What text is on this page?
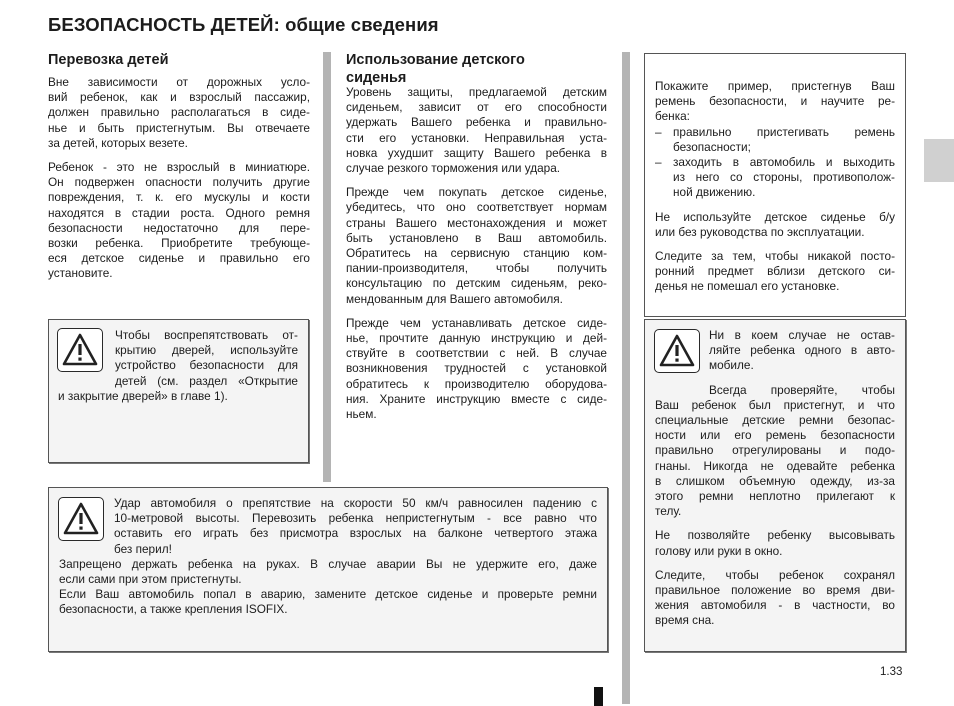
БЕЗОПАСНОСТЬ ДЕТЕЙ: общие сведения
Перевозка детей

Вне зависимости от дорожных усло-
вий ребенок, как и взрослый пассажир,
должен правильно располагаться в сиде-
нье и быть пристегнутым. Вы отвечаете
за детей, которых везете.

Ребенок - это не взрослый в миниатюре.
Он подвержен опасности получить другие
повреждения, т. к. его мускулы и кости
находятся в стадии роста. Одного ремня
безопасности недостаточно для пере-
возки ребенка. Приобретите требующе-
еся детское сиденье и правильно его
установите.

Чтобы воспрепятствовать от-
крытию дверей, используйте
устройство безопасности для
детей (см. раздел «Открытие
и закрытие дверей» в главе 1).
Использование детского
сиденья

Уровень защиты, предлагаемой детским
сиденьем, зависит от его способности
удержать Вашего ребенка и правильно-
сти его установки. Неправильная уста-
новка ухудшит защиту Вашего ребенка в
случае резкого торможения или удара.

Прежде чем покупать детское сиденье,
убедитесь, что оно соответствует нормам
страны Вашего местонахождения и может
быть установлено в Ваш автомобиль.
Обратитесь на сервисную станцию ком-
пании-производителя, чтобы получить
консультацию по детским сиденьям, реко-
мендованным для Вашего автомобиля.

Прежде чем устанавливать детское сиде-
нье, прочтите данную инструкцию и дей-
ствуйте в соответствии с ней. В случае
возникновения трудностей с установкой
обратитесь к производителю оборудова-
ния. Храните инструкцию вместе с сиде-
ньем.

Покажите пример, пристегнув Ваш
ремень безопасности, и научите ре-
бенка:
– правильно пристегивать ремень
безопасности;
– заходить в автомобиль и выходить
из него со стороны, противополож-
ной движению.

Не используйте детское сиденье б/у
или без руководства по эксплуатации.

Следите за тем, чтобы никакой посто-
ронний предмет вблизи детского си-
денья не помешал его установке.

Ни в коем случае не остав-
ляйте ребенка одного в авто-
мобиле.

Всегда проверяйте, чтобы
Ваш ребенок был пристегнут, и что
специальные детские ремни безопас-
ности или его ремень безопасности
правильно отрегулированы и подо-
гнаны. Никогда не одевайте ребенка
в слишком объемную одежду, из-за
этого ремни неплотно прилегают к
телу.

Не позволяйте ребенку высовывать
голову или руки в окно.

Следите, чтобы ребенок сохранял
правильное положение во время дви-
жения автомобиля - в частности, во
время сна.

Удар автомобиля о препятствие на скорости 50 км/ч равносилен падению с
10-метровой высоты. Перевозить ребенка непристегнутым - все равно что
оставить его играть без присмотра взрослых на балконе четвертого этажа
без перил!
Запрещено держать ребенка на руках. В случае аварии Вы не удержите его, даже
если сами при этом пристегнуты.
Если Ваш автомобиль попал в аварию, замените детское сиденье и проверьте ремни
безопасности, а также крепления ISOFIX.
1.33
